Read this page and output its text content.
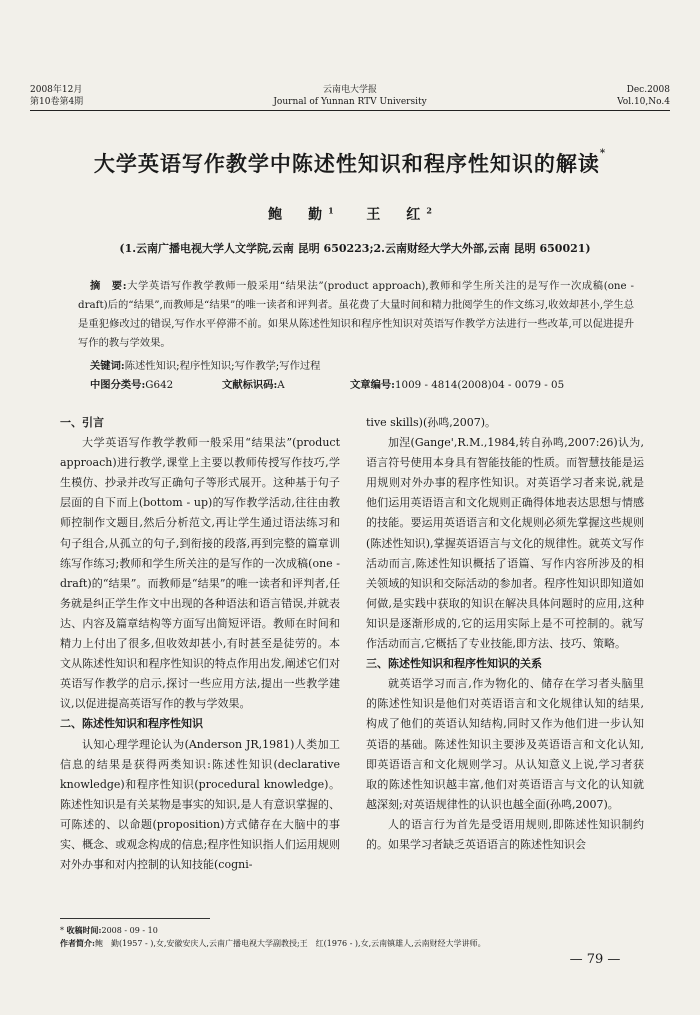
2008年12月
第10卷第4期
云南电大学报
Journal of Yunnan RTV University
Dec.2008
Vol.10,No.4
大学英语写作教学中陈述性知识和程序性知识的解读*
鲍　勤$^1$ 王　红$^2$
(1.云南广播电视大学人文学院,云南 昆明 650223;2.云南财经大学大外部,云南 昆明 650021)
摘　要:大学英语写作教学教师一般采用“结果法”(product approach),教师和学生所关注的是写作一次成稿(one - draft)后的“结果”,而教师是“结果”的唯一读者和评判者。虽花费了大量时间和精力批阅学生的作文练习,收效却甚小,学生总是重犯修改过的错误,写作水平停滞不前。如果从陈述性知识和程序性知识对英语写作教学方法进行一些改革,可以促进提升写作的教与学效果。
关键词:陈述性知识;程序性知识;写作教学;写作过程
中图分类号:G642	文献标识码:A	文章编号:1009 - 4814(2008)04 - 0079 - 05
一、引言

大学英语写作教学教师一般采用“结果法”(product approach)进行教学,课堂上主要以教师传授写作技巧,学生模仿、抄录并改写正确句子等形式展开。这种基于句子层面的自下而上(bottom - up)的写作教学活动,往往由教师控制作文题目,然后分析范文,再让学生通过语法练习和句子组合,从孤立的句子,到衔接的段落,再到完整的篇章训练写作练习;教师和学生所关注的是写作的一次成稿(one - draft)的“结果”。而教师是“结果”的唯一读者和评判者,任务就是纠正学生作文中出现的各种语法和语言错误,并就表达、内容及篇章结构等方面写出简短评语。教师在时间和精力上付出了很多,但收效却甚小,有时甚至是徒劳的。本文从陈述性知识和程序性知识的特点作用出发,阐述它们对英语写作教学的启示,探讨一些应用方法,提出一些教学建议,以促进提高英语写作的教与学效果。

二、陈述性知识和程序性知识

认知心理学理论认为(Anderson JR,1981)人类加工信息的结果是获得两类知识:陈述性知识(declarative knowledge)和程序性知识(procedural knowledge)。陈述性知识是有关某物是事实的知识,是人有意识掌握的、可陈述的、以命题(proposition)方式储存在大脑中的事实、概念、或观念构成的信息;程序性知识指人们运用规则对外办事和对内控制的认知技能(cogni-

tive skills)(孙鸣,2007)。

加涅(Gange',R.M.,1984,转自孙鸣,2007:26)认为,语言符号使用本身具有智能技能的性质。而智慧技能是运用规则对外办事的程序性知识。对英语学习者来说,就是他们运用英语语言和文化规则正确得体地表达思想与情感的技能。要运用英语语言和文化规则必须先掌握这些规则(陈述性知识),掌握英语语言与文化的规律性。就英文写作活动而言,陈述性知识概括了语篇、写作内容所涉及的相关领域的知识和交际活动的参加者。程序性知识即知道如何做,是实践中获取的知识在解决具体问题时的应用,这种知识是逐渐形成的,它的运用实际上是不可控制的。就写作活动而言,它概括了专业技能,即方法、技巧、策略。

三、陈述性知识和程序性知识的关系

就英语学习而言,作为物化的、储存在学习者头脑里的陈述性知识是他们对英语语言和文化规律认知的结果,构成了他们的英语认知结构,同时又作为他们进一步认知英语的基础。陈述性知识主要涉及英语语言和文化认知,即英语语言和文化规则学习。从认知意义上说,学习者获取的陈述性知识越丰富,他们对英语语言与文化的认知就越深刻;对英语规律性的认识也越全面(孙鸣,2007)。

人的语言行为首先是受语用规则,即陈述性知识制约的。如果学习者缺乏英语语言的陈述性知识会

* 收稿时间:2008 - 09 - 10
作者简介:鲍　勤(1957 - ),女,安徽安庆人,云南广播电视大学副教授;王　红(1976 - ),女,云南镇雄人,云南财经大学讲师。
— 79 —
